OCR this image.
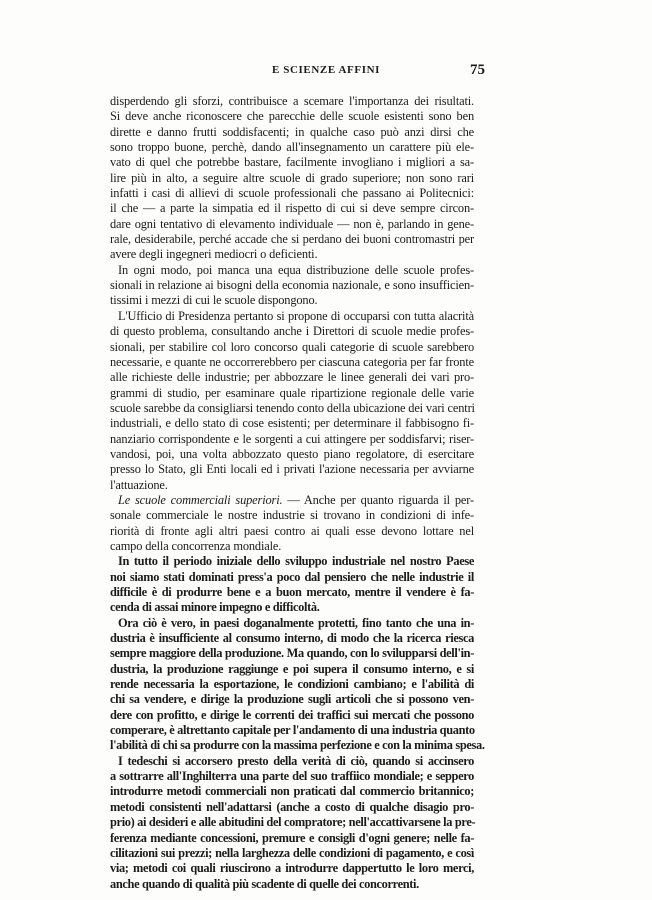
E SCIENZE AFFINI	75
disperdendo gli sforzi, contribuisce a scemare l'importanza dei risultati.
Si deve anche riconoscere che parecchie delle scuole esistenti sono ben
dirette e danno frutti soddisfacenti; in qualche caso può anzi dirsi che
sono troppo buone, perchè, dando all'insegnamento un carattere più ele-
vato di quel che potrebbe bastare, facilmente invogliano i migliori a sa-
lire più in alto, a seguire altre scuole di grado superiore; non sono rari
infatti i casi di allievi di scuole professionali che passano ai Politecnici:
il che — a parte la simpatia ed il rispetto di cui si deve sempre circon-
dare ogni tentativo di elevamento individuale — non è, parlando in gene-
rale, desiderabile, perché accade che si perdano dei buoni contromastri per
avere degli ingegneri mediocri o deficienti.
In ogni modo, poi manca una equa distribuzione delle scuole profes-
sionali in relazione ai bisogni della economia nazionale, e sono insufficien-
tissimi i mezzi di cui le scuole dispongono.
L'Ufficio di Presidenza pertanto si propone di occuparsi con tutta alacrità
di questo problema, consultando anche i Direttori di scuole medie profes-
sionali, per stabilire col loro concorso quali categorie di scuole sarebbero
necessarie, e quante ne occorrerebbero per ciascuna categoria per far fronte
alle richieste delle industrie; per abbozzare le linee generali dei vari pro-
grammi di studio, per esaminare quale ripartizione regionale delle varie
scuole sarebbe da consigliarsi tenendo conto della ubicazione dei vari centri
industriali, e dello stato di cose esistenti; per determinare il fabbisogno fi-
nanziario corrispondente e le sorgenti a cui attingere per soddisfarvi; riser-
vandosi, poi, una volta abbozzato questo piano regolatore, di esercitare
presso lo Stato, gli Enti locali ed i privati l'azione necessaria per avviarne
l'attuazione.
Le scuole commerciali superiori. — Anche per quanto riguarda il per-
sonale commerciale le nostre industrie si trovano in condizioni di infe-
riorità di fronte agli altri paesi contro ai quali esse devono lottare nel
campo della concorrenza mondiale.
In tutto il periodo iniziale dello sviluppo industriale nel nostro Paese
noi siamo stati dominati press'a poco dal pensiero che nelle industrie il
difficile è di produrre bene e a buon mercato, mentre il vendere è fa-
cenda di assai minore impegno e difficoltà.
Ora ciò è vero, in paesi doganalmente protetti, fino tanto che una in-
dustria è insufficiente al consumo interno, di modo che la ricerca riesca
sempre maggiore della produzione. Ma quando, con lo svilupparsi dell'in-
dustria, la produzione raggiunge e poi supera il consumo interno, e si
rende necessaria la esportazione, le condizioni cambiano; e l'abilità di
chi sa vendere, e dirige la produzione sugli articoli che si possono ven-
dere con profitto, e dirige le correnti dei traffici sui mercati che possono
comperare, è altrettanto capitale per l'andamento di una industria quanto
l'abilità di chi sa produrre con la massima perfezione e con la minima spesa.
I tedeschi si accorsero presto della verità di ciò, quando si accinsero
a sottrarre all'Inghilterra una parte del suo traffiico mondiale; e seppero
introdurre metodi commerciali non praticati dal commercio britannico;
metodi consistenti nell'adattarsi (anche a costo di qualche disagio pro-
prio) ai desideri e alle abitudini del compratore; nell'accattivarsene la pre-
ferenza mediante concessioni, premure e consigli d'ogni genere; nelle fa-
cilitazioni sui prezzi; nella larghezza delle condizioni di pagamento, e così
via; metodi coi quali riuscirono a introdurre dappertutto le loro merci,
anche quando di qualità più scadente di quelle dei concorrenti.
